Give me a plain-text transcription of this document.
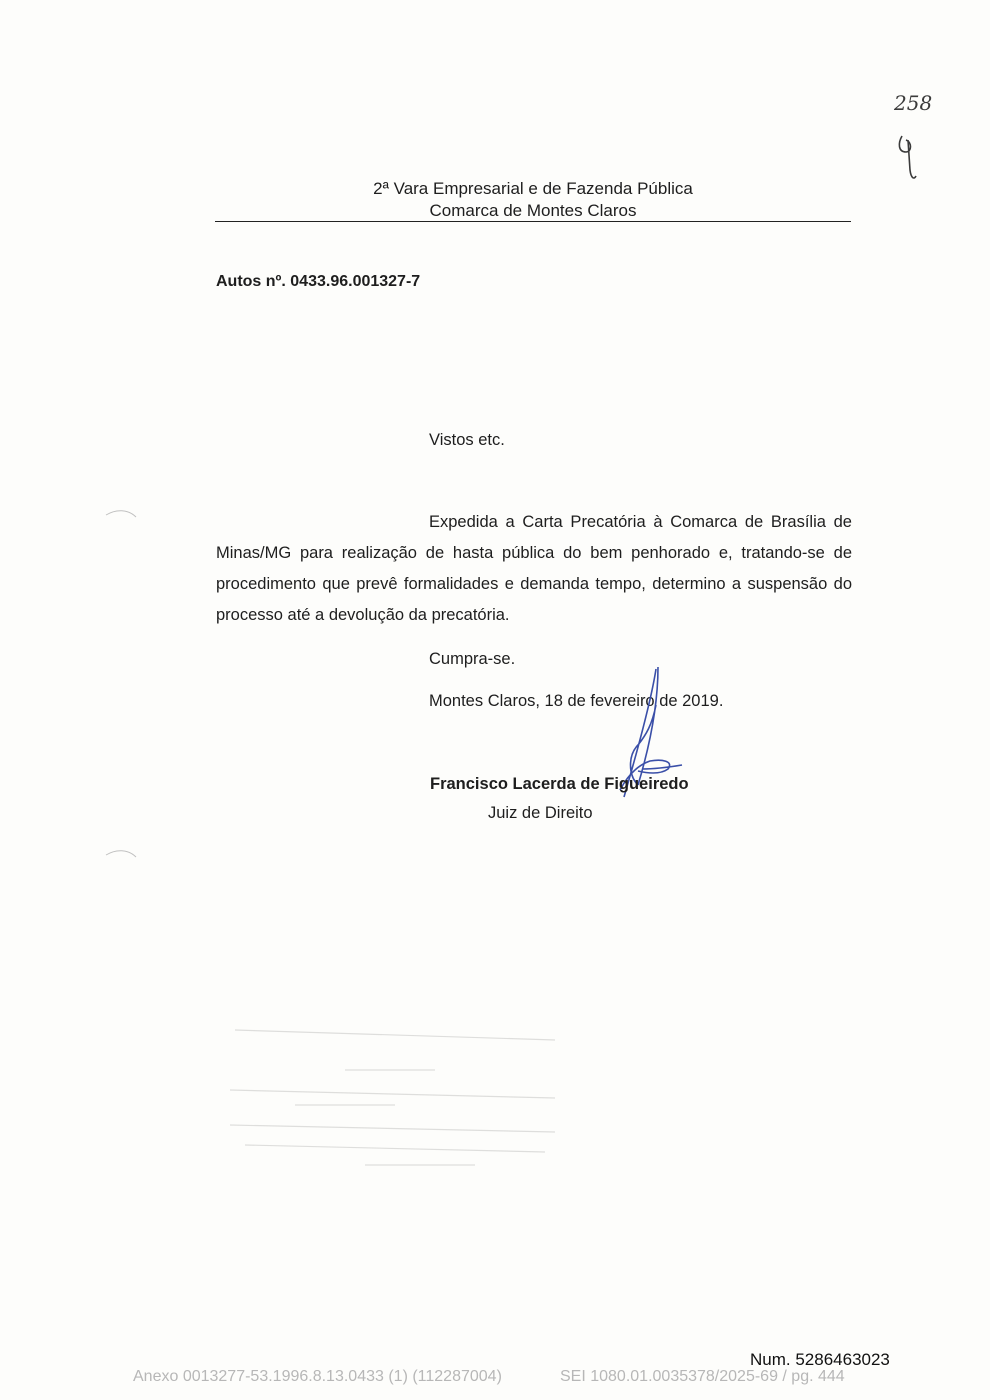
2ª Vara Empresarial e de Fazenda Pública
Comarca de Montes Claros
258
Autos nº. 0433.96.001327-7
Vistos etc.
Expedida a Carta Precatória à Comarca de Brasília de Minas/MG para realização de hasta pública do bem penhorado e, tratando-se de procedimento que prevê formalidades e demanda tempo, determino a suspensão do processo até a devolução da precatória.
Cumpra-se.
Montes Claros, 18 de fevereiro de 2019.
Francisco Lacerda de Figueiredo
Juiz de Direito
Num. 5286463023
Anexo 0013277-53.1996.8.13.0433 (1) (112287004)	SEI 1080.01.0035378/2025-69 / pg. 444
